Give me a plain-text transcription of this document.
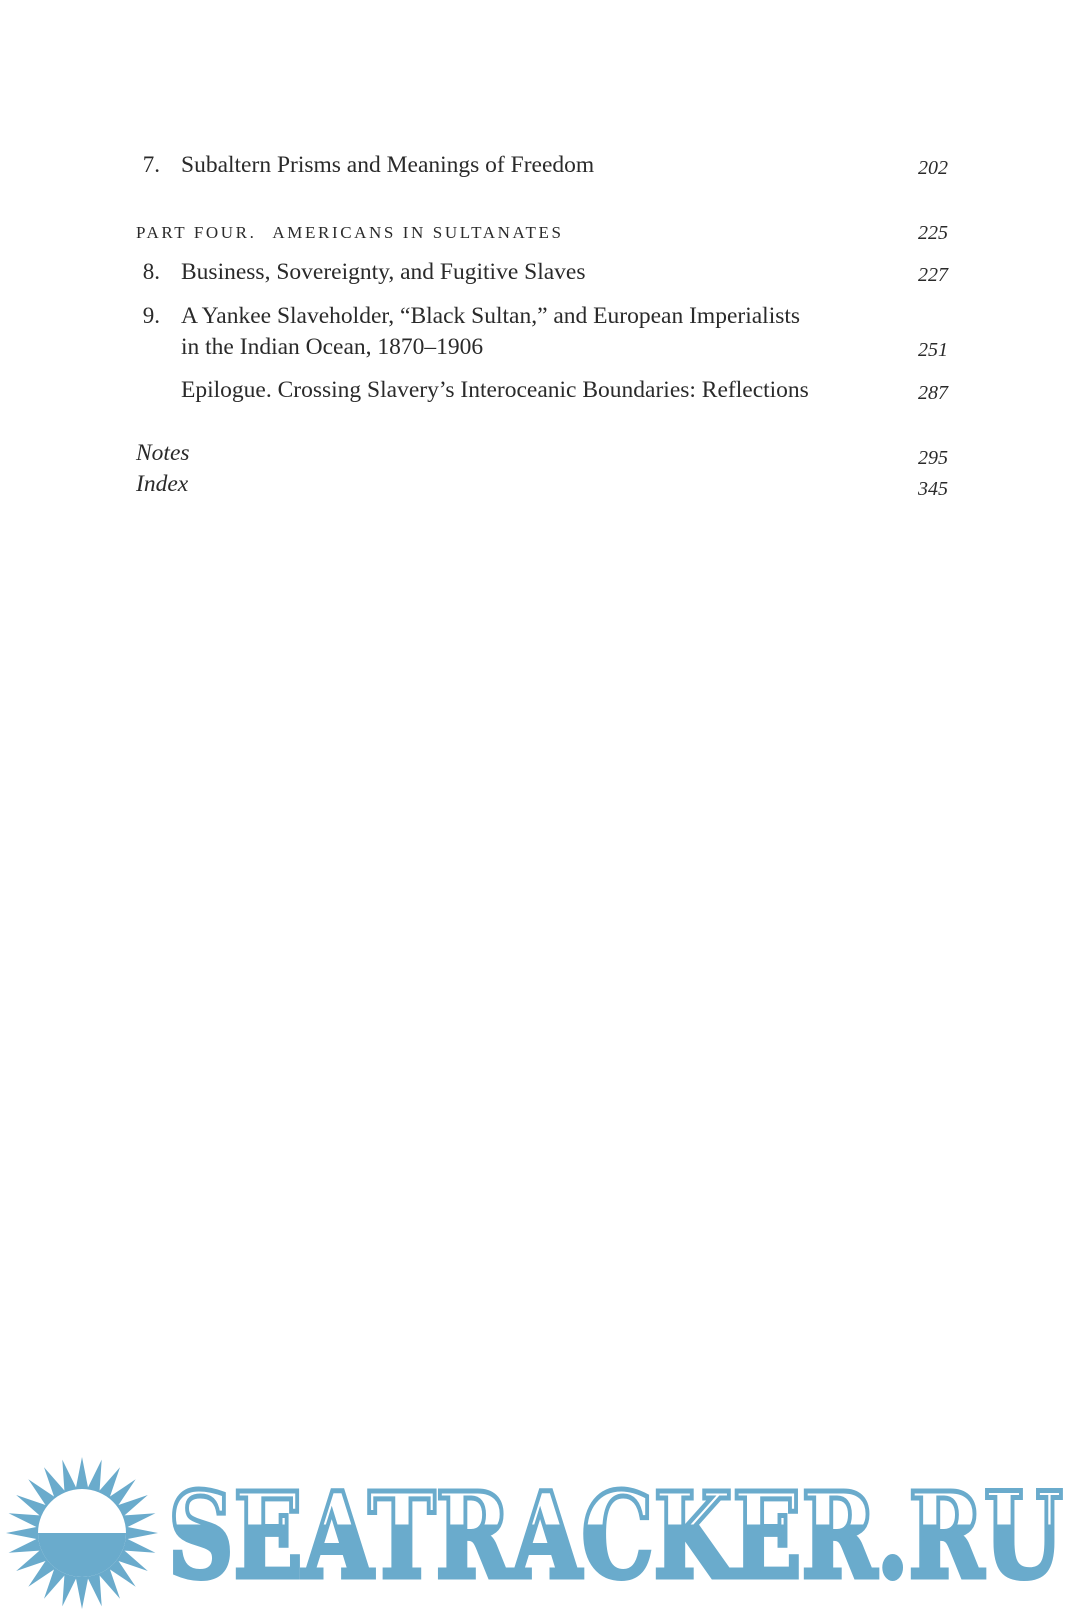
7. Subaltern Prisms and Meanings of Freedom	202
PART FOUR. AMERICANS IN SULTANATES	225
8. Business, Sovereignty, and Fugitive Slaves	227
9. A Yankee Slaveholder, “Black Sultan,” and European Imperialists
in the Indian Ocean, 1870–1906	251
Epilogue. Crossing Slavery’s Interoceanic Boundaries: Reflections	287
Notes	295
Index	345
SEATRACKER.RU
